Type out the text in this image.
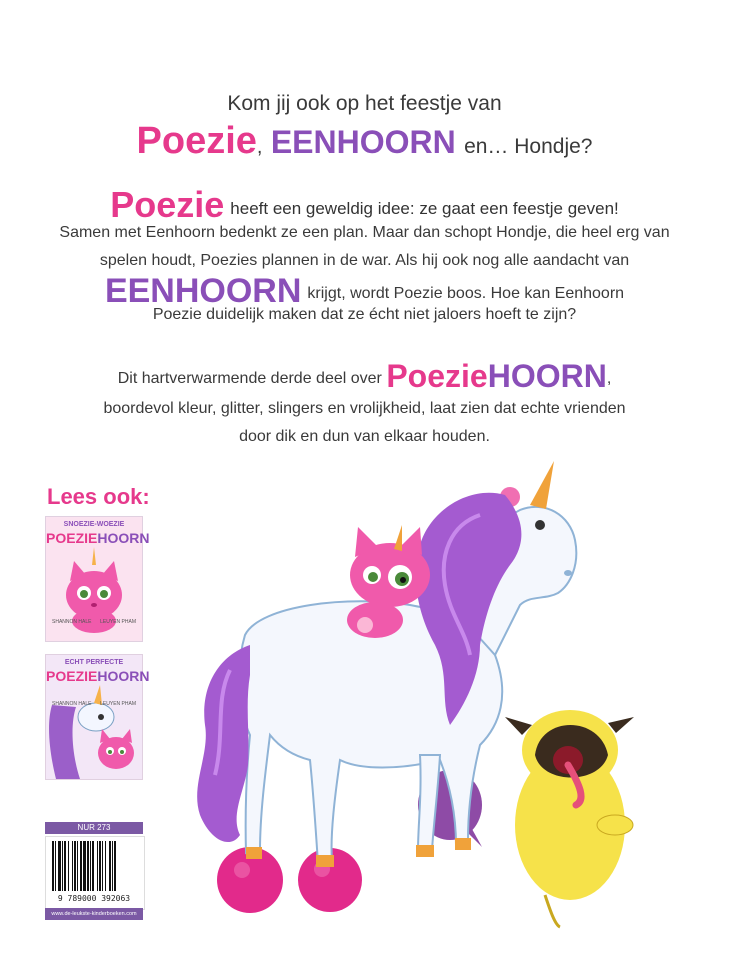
Kom jij ook op het feestje van
Poezie, EENHOORN en… Hondje?
Poezie heeft een geweldig idee: ze gaat een feestje geven!
Samen met Eenhoorn bedenkt ze een plan. Maar dan schopt Hondje, die heel erg van
spelen houdt, Poezies plannen in de war. Als hij ook nog alle aandacht van
EENHOORN krijgt, wordt Poezie boos. Hoe kan Eenhoorn
Poezie duidelijk maken dat ze écht niet jaloers hoeft te zijn?
Dit hartverwarmende derde deel over PoezieHOORN,
boordevol kleur, glitter, slingers en vrolijkheid, laat zien dat echte vrienden
door dik en dun van elkaar houden.
Lees ook:
SNOEZIE-WOEZIE
POEZIEHOORN
SHANNON HALE LEUYEN PHAM
ECHT PERFECTE
POEZIEHOORN
SHANNON HALE LEUYEN PHAM
NUR 273
9 789000 392063
www.de-leukste-kinderboeken.com
